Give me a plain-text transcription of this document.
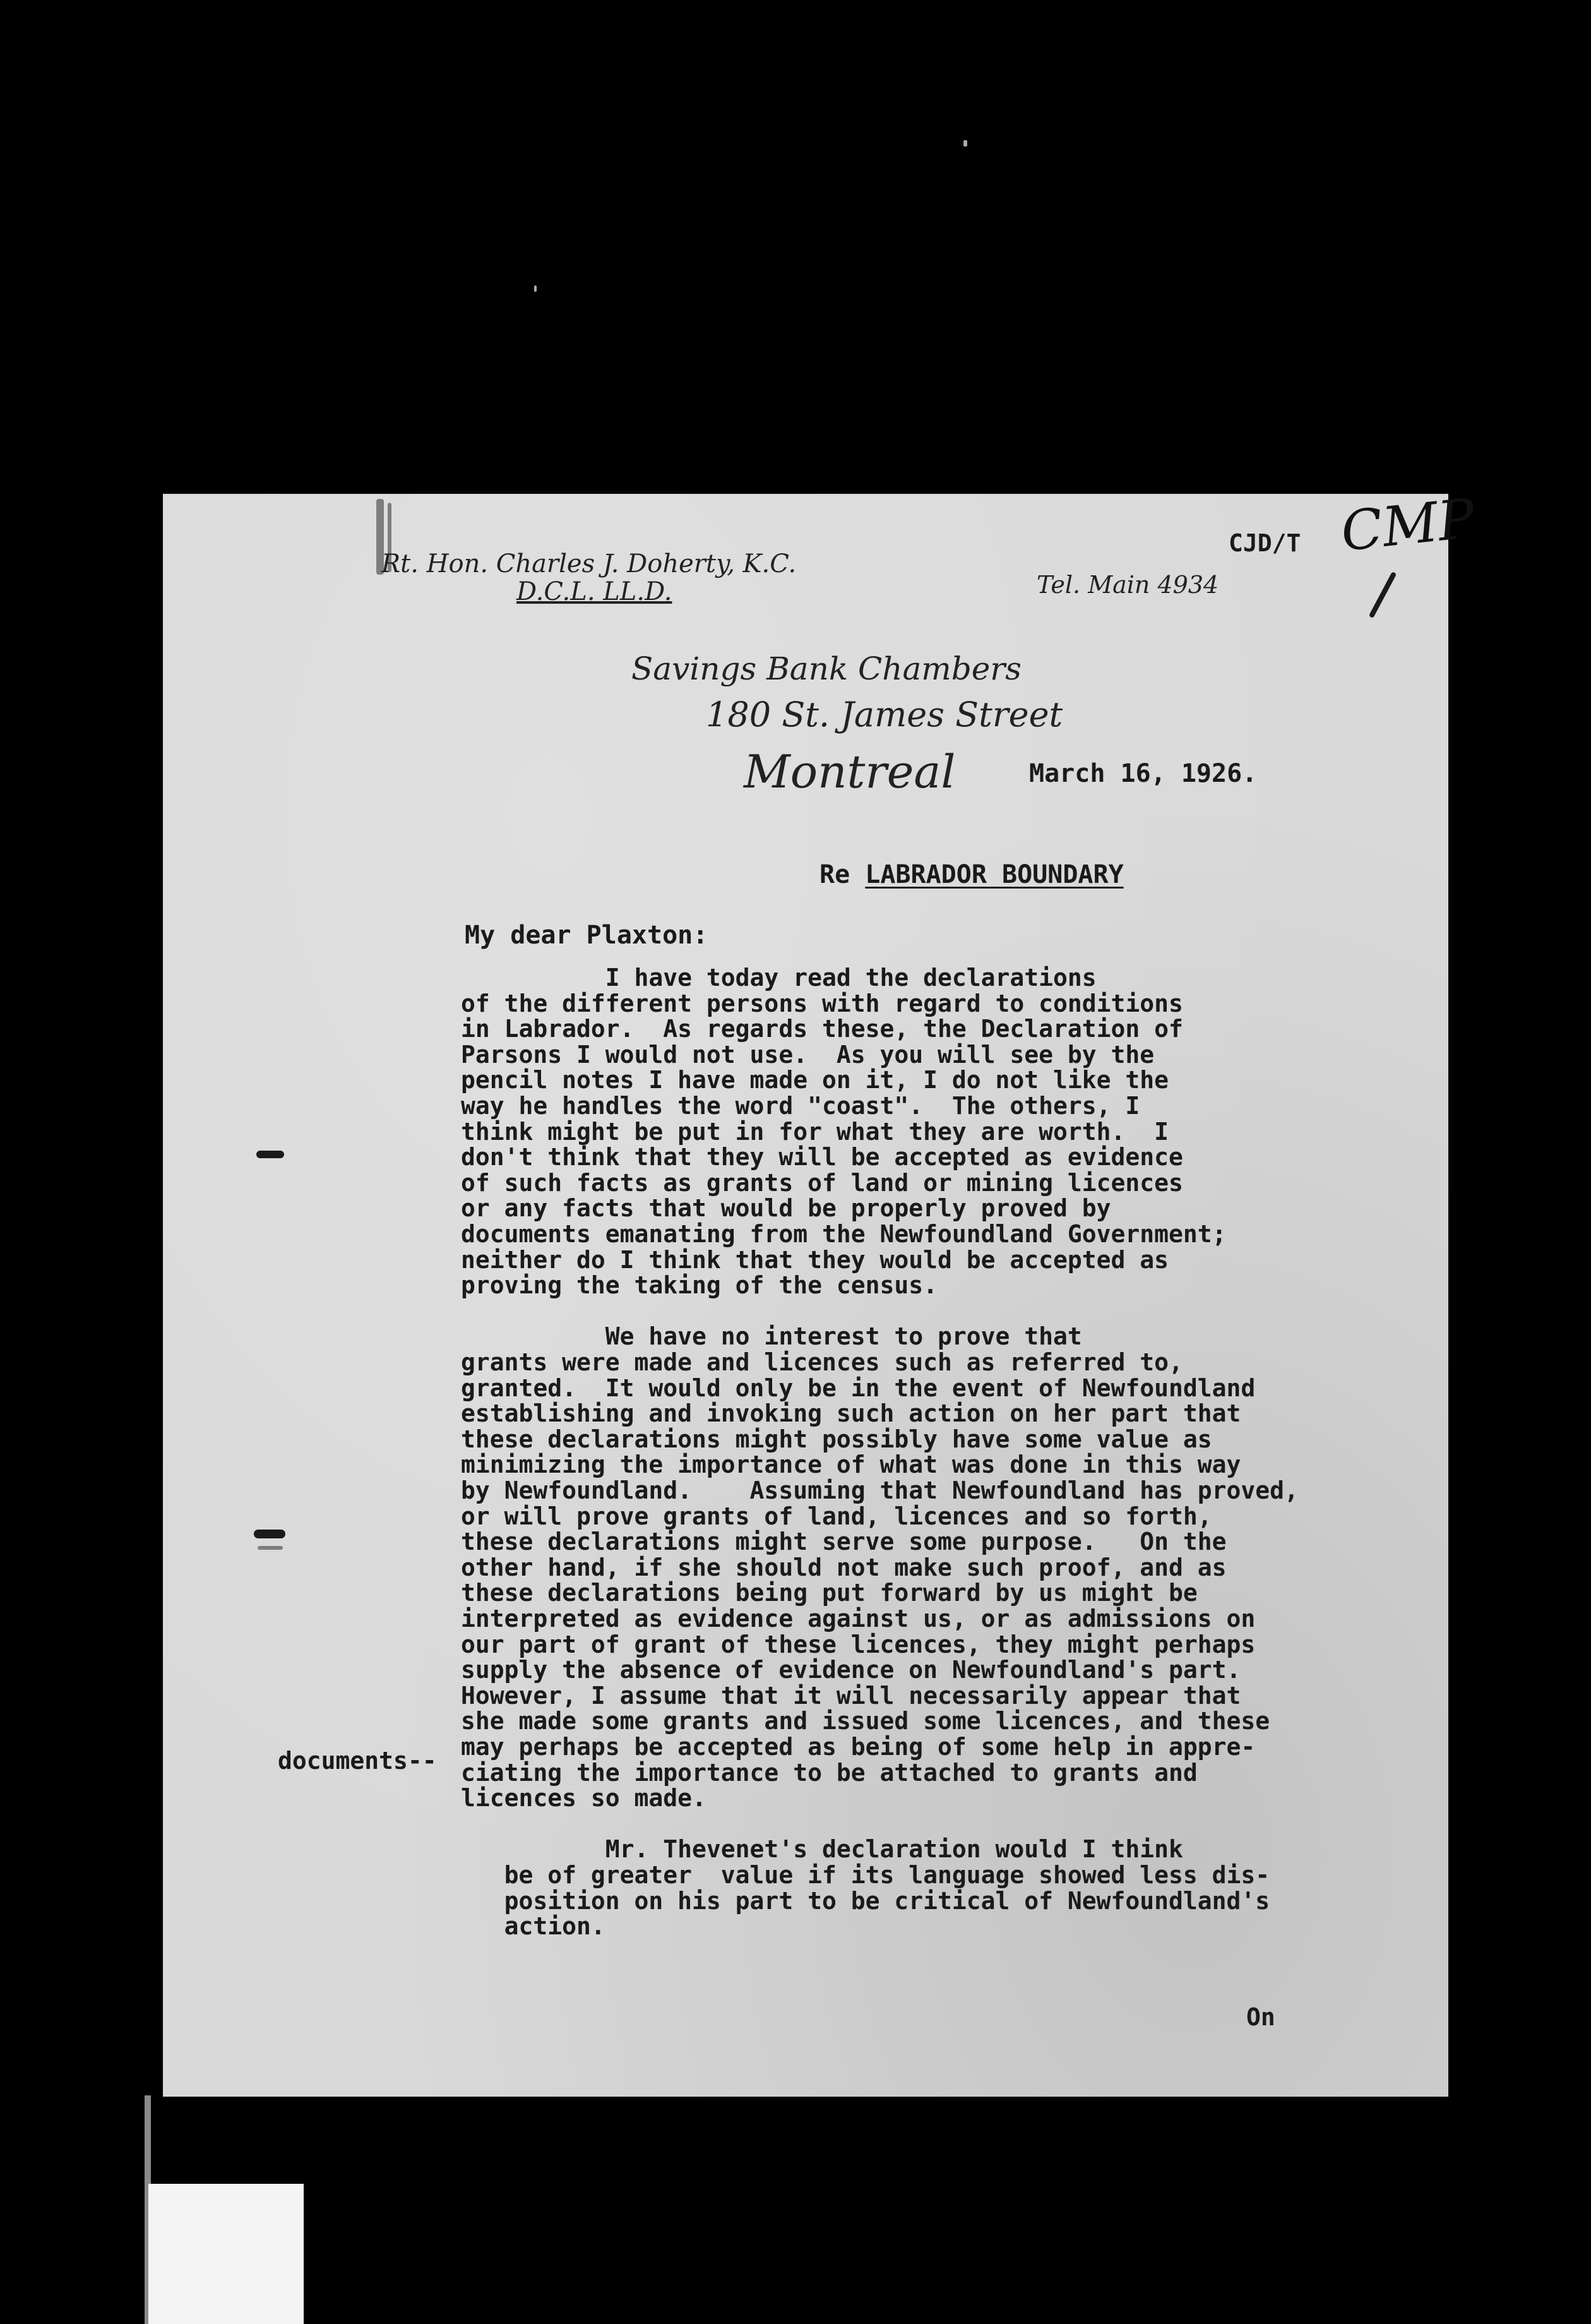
Rt. Hon. Charles J. Doherty, K.C.
D.C.L. LL.D.	Tel. Main 4934
CJD/T CMP
Savings Bank Chambers
180 St. James Street
Montreal	March 16, 1926.
Re LABRADOR BOUNDARY
My dear Plaxton:
documents--
On
I have today read the declarations
of the different persons with regard to conditions
in Labrador.  As regards these, the Declaration of
Parsons I would not use.  As you will see by the
pencil notes I have made on it, I do not like the
way he handles the word "coast".  The others, I
think might be put in for what they are worth.  I
don't think that they will be accepted as evidence
of such facts as grants of land or mining licences
or any facts that would be properly proved by
documents emanating from the Newfoundland Government;
neither do I think that they would be accepted as
proving the taking of the census.
We have no interest to prove that
grants were made and licences such as referred to,
granted.  It would only be in the event of Newfoundland
establishing and invoking such action on her part that
these declarations might possibly have some value as
minimizing the importance of what was done in this way
by Newfoundland.    Assuming that Newfoundland has proved,
or will prove grants of land, licences and so forth,
these declarations might serve some purpose.   On the
other hand, if she should not make such proof, and as
these declarations being put forward by us might be
interpreted as evidence against us, or as admissions on
our part of grant of these licences, they might perhaps
supply the absence of evidence on Newfoundland's part.
However, I assume that it will necessarily appear that
she made some grants and issued some licences, and these
may perhaps be accepted as being of some help in appre-
ciating the importance to be attached to grants and
licences so made.
Mr. Thevenet's declaration would I think
be of greater  value if its language showed less dis-
position on his part to be critical of Newfoundland's
action.
